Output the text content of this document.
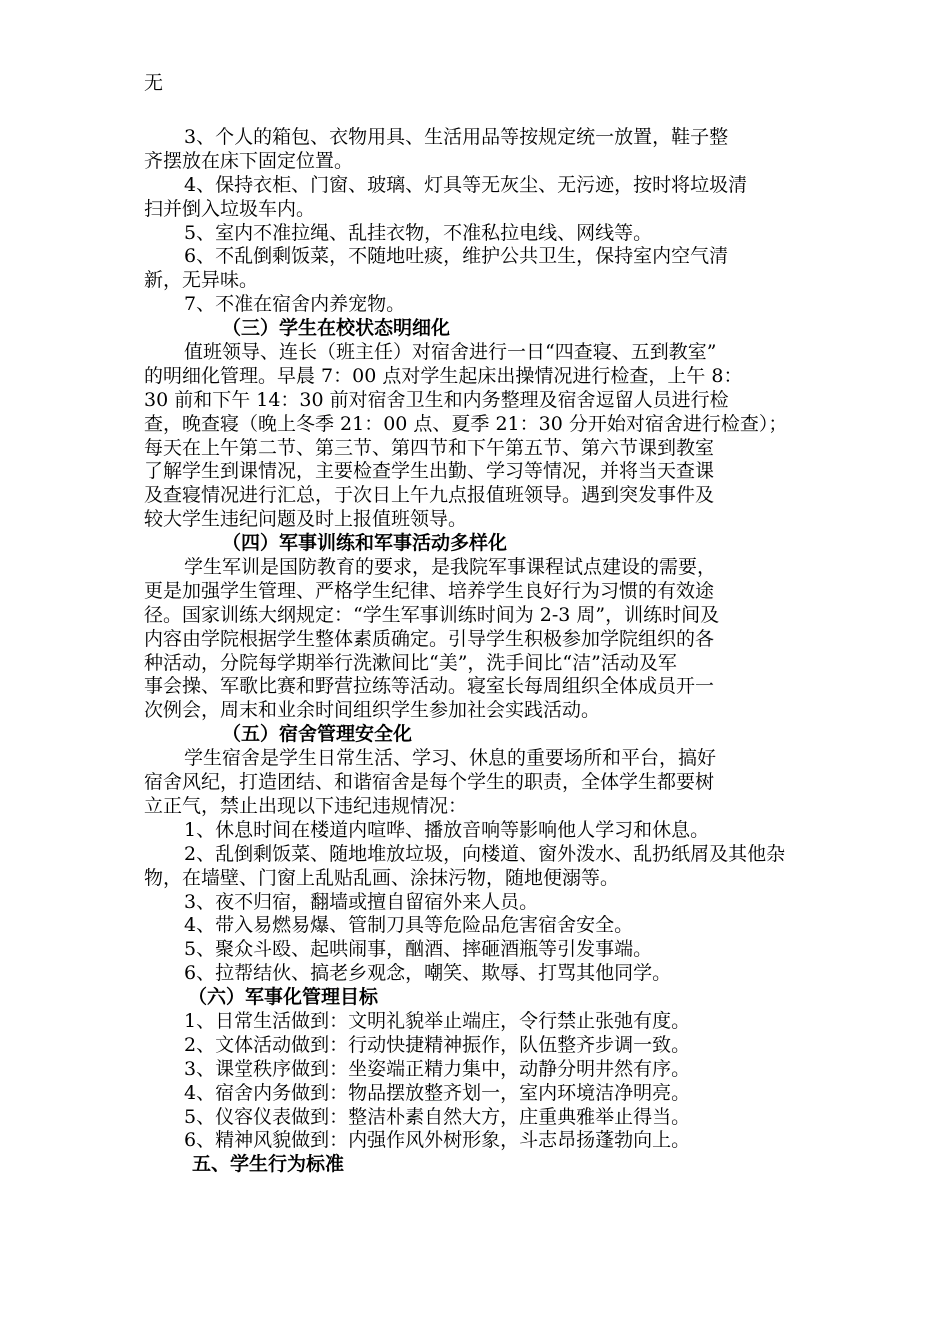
无
3、个人的箱包、衣物用具、生活用品等按规定统一放置，鞋子整
齐摆放在床下固定位置。
4、保持衣柜、门窗、玻璃、灯具等无灰尘、无污迹，按时将垃圾清
扫并倒入垃圾车内。
5、室内不准拉绳、乱挂衣物，不准私拉电线、网线等。
6、不乱倒剩饭菜，不随地吐痰，维护公共卫生，保持室内空气清
新，无异味。
7、不准在宿舍内养宠物。
（三）学生在校状态明细化
值班领导、连长（班主任）对宿舍进行一日“四查寝、五到教室”
的明细化管理。早晨 7：00 点对学生起床出操情况进行检查，上午 8：
30 前和下午 14：30 前对宿舍卫生和内务整理及宿舍逗留人员进行检
查，晚查寝（晚上冬季 21：00 点、夏季 21：30 分开始对宿舍进行检查）；
每天在上午第二节、第三节、第四节和下午第五节、第六节课到教室
了解学生到课情况，主要检查学生出勤、学习等情况，并将当天查课
及查寝情况进行汇总，于次日上午九点报值班领导。遇到突发事件及
较大学生违纪问题及时上报值班领导。
（四）军事训练和军事活动多样化
学生军训是国防教育的要求，是我院军事课程试点建设的需要，
更是加强学生管理、严格学生纪律、培养学生良好行为习惯的有效途
径。国家训练大纲规定：“学生军事训练时间为 2-3 周”，训练时间及
内容由学院根据学生整体素质确定。引导学生积极参加学院组织的各
种活动，分院每学期举行洗漱间比“美”，洗手间比“洁”活动及军
事会操、军歌比赛和野营拉练等活动。寝室长每周组织全体成员开一
次例会，周末和业余时间组织学生参加社会实践活动。
（五）宿舍管理安全化
学生宿舍是学生日常生活、学习、休息的重要场所和平台，搞好
宿舍风纪，打造团结、和谐宿舍是每个学生的职责，全体学生都要树
立正气，禁止出现以下违纪违规情况：
1、休息时间在楼道内喧哗、播放音响等影响他人学习和休息。
2、乱倒剩饭菜、随地堆放垃圾，向楼道、窗外泼水、乱扔纸屑及其他杂
物，在墙壁、门窗上乱贴乱画、涂抹污物，随地便溺等。
3、夜不归宿，翻墙或擅自留宿外来人员。
4、带入易燃易爆、管制刀具等危险品危害宿舍安全。
5、聚众斗殴、起哄闹事，酗酒、摔砸酒瓶等引发事端。
6、拉帮结伙、搞老乡观念，嘲笑、欺辱、打骂其他同学。
（六）军事化管理目标
1、日常生活做到：文明礼貌举止端庄，令行禁止张弛有度。
2、文体活动做到：行动快捷精神振作，队伍整齐步调一致。
3、课堂秩序做到：坐姿端正精力集中，动静分明井然有序。
4、宿舍内务做到：物品摆放整齐划一，室内环境洁净明亮。
5、仪容仪表做到：整洁朴素自然大方，庄重典雅举止得当。
6、精神风貌做到：内强作风外树形象，斗志昂扬蓬勃向上。
五、学生行为标准
